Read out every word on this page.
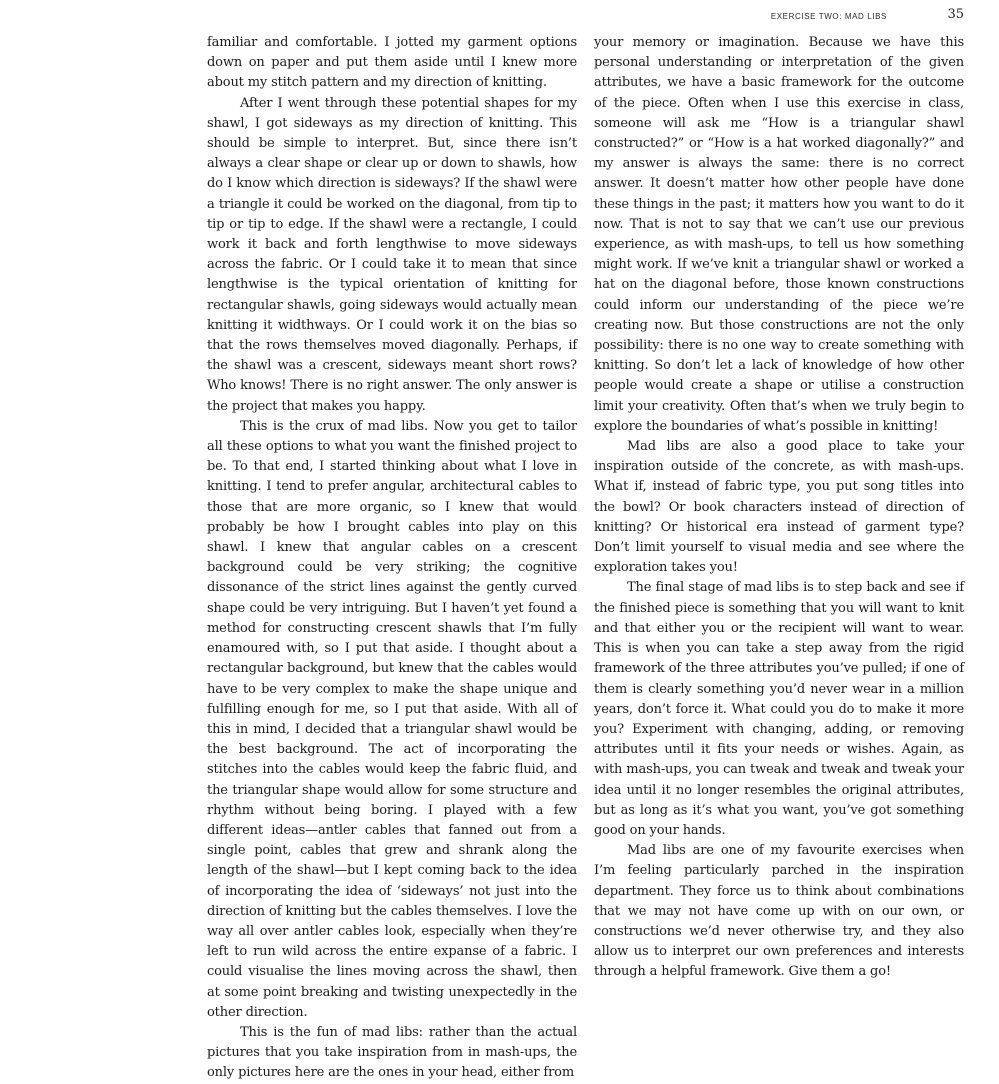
EXERCISE TWO: MAD LIBS	35

familiar and comfortable. I jotted my garment options down on paper and put them aside until I knew more about my stitch pattern and my direction of knitting.

After I went through these potential shapes for my shawl, I got sideways as my direction of knitting. This should be simple to interpret. But, since there isn’t always a clear shape or clear up or down to shawls, how do I know which direction is sideways? If the shawl were a triangle it could be worked on the diagonal, from tip to tip or tip to edge. If the shawl were a rectangle, I could work it back and forth lengthwise to move sideways across the fabric. Or I could take it to mean that since lengthwise is the typical orientation of knitting for rectangular shawls, going sideways would actually mean knitting it widthways. Or I could work it on the bias so that the rows themselves moved diagonally. Perhaps, if the shawl was a crescent, sideways meant short rows? Who knows! There is no right answer. The only answer is the project that makes you happy.

This is the crux of mad libs. Now you get to tailor all these options to what you want the finished project to be. To that end, I started thinking about what I love in knitting. I tend to prefer angular, architectural cables to those that are more organic, so I knew that would probably be how I brought cables into play on this shawl. I knew that angular cables on a crescent background could be very striking; the cognitive dissonance of the strict lines against the gently curved shape could be very intriguing. But I haven’t yet found a method for constructing crescent shawls that I’m fully enamoured with, so I put that aside. I thought about a rectangular background, but knew that the cables would have to be very complex to make the shape unique and fulfilling enough for me, so I put that aside. With all of this in mind, I decided that a triangular shawl would be the best background. The act of incorporating the stitches into the cables would keep the fabric fluid, and the triangular shape would allow for some structure and rhythm without being boring. I played with a few different ideas—antler cables that fanned out from a single point, cables that grew and shrank along the length of the shawl—but I kept coming back to the idea of incorporating the idea of ‘sideways’ not just into the direction of knitting but the cables themselves. I love the way all over antler cables look, especially when they’re left to run wild across the entire expanse of a fabric. I could visualise the lines moving across the shawl, then at some point breaking and twisting unexpectedly in the other direction.

This is the fun of mad libs: rather than the actual pictures that you take inspiration from in mash-ups, the only pictures here are the ones in your head, either from

your memory or imagination. Because we have this personal understanding or interpretation of the given attributes, we have a basic framework for the outcome of the piece. Often when I use this exercise in class, someone will ask me “How is a triangular shawl constructed?” or “How is a hat worked diagonally?” and my answer is always the same: there is no correct answer. It doesn’t matter how other people have done these things in the past; it matters how you want to do it now. That is not to say that we can’t use our previous experience, as with mash-ups, to tell us how something might work. If we’ve knit a triangular shawl or worked a hat on the diagonal before, those known constructions could inform our understanding of the piece we’re creating now. But those constructions are not the only possibility: there is no one way to create something with knitting. So don’t let a lack of knowledge of how other people would create a shape or utilise a construction limit your creativity. Often that’s when we truly begin to explore the boundaries of what’s possible in knitting!

Mad libs are also a good place to take your inspiration outside of the concrete, as with mash-ups. What if, instead of fabric type, you put song titles into the bowl? Or book characters instead of direction of knitting? Or historical era instead of garment type? Don’t limit yourself to visual media and see where the exploration takes you!

The final stage of mad libs is to step back and see if the finished piece is something that you will want to knit and that either you or the recipient will want to wear. This is when you can take a step away from the rigid framework of the three attributes you’ve pulled; if one of them is clearly something you’d never wear in a million years, don’t force it. What could you do to make it more you? Experiment with changing, adding, or removing attributes until it fits your needs or wishes. Again, as with mash-ups, you can tweak and tweak and tweak your idea until it no longer resembles the original attributes, but as long as it’s what you want, you’ve got something good on your hands.

Mad libs are one of my favourite exercises when I’m feeling particularly parched in the inspiration department. They force us to think about combinations that we may not have come up with on our own, or constructions we’d never otherwise try, and they also allow us to interpret our own preferences and interests through a helpful framework. Give them a go!
